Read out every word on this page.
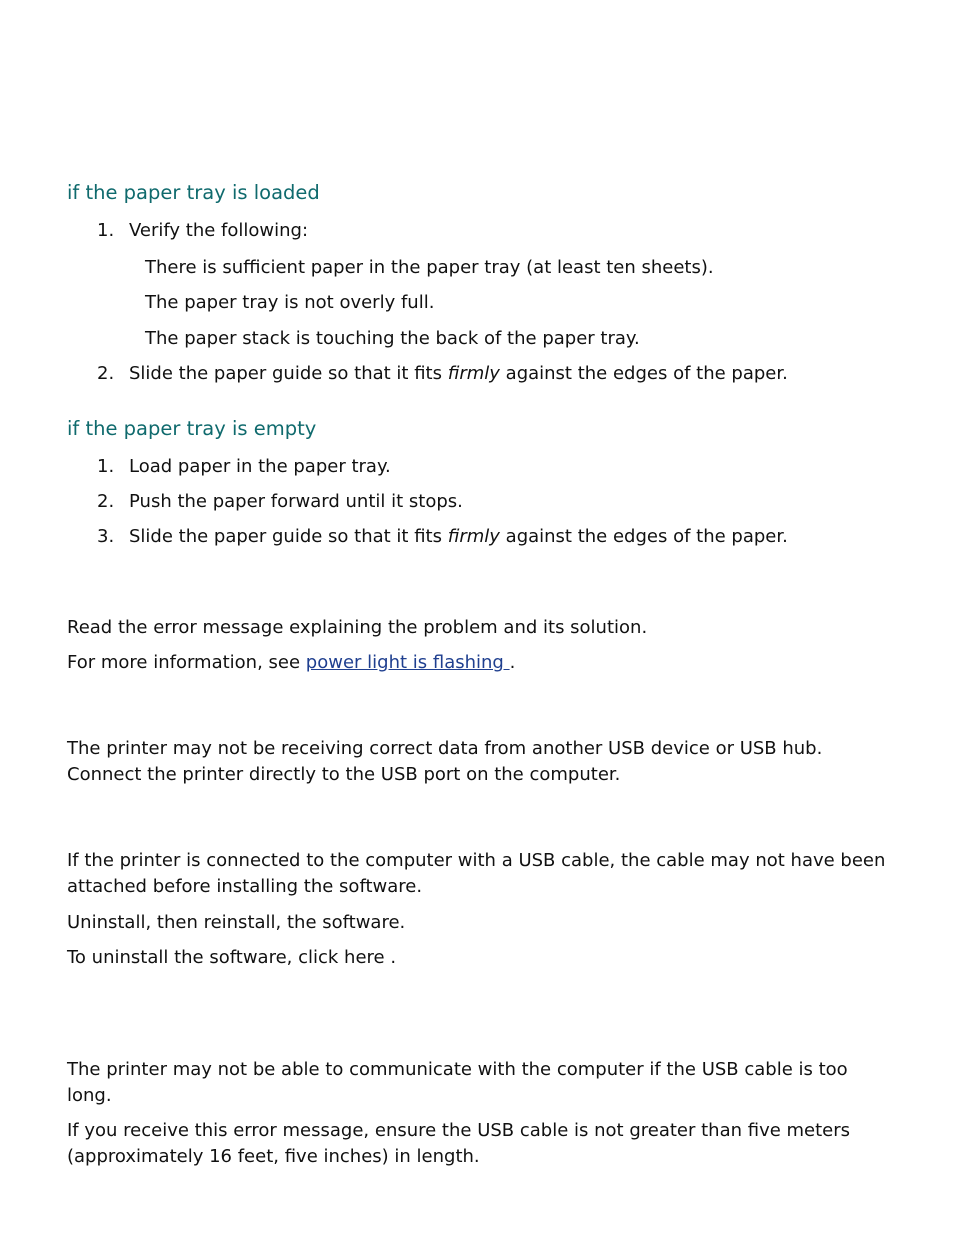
if the paper tray is loaded
1. Verify the following:
There is sufficient paper in the paper tray (at least ten sheets).
The paper tray is not overly full.
The paper stack is touching the back of the paper tray.
2. Slide the paper guide so that it fits firmly against the edges of the paper.
if the paper tray is empty
1. Load paper in the paper tray.
2. Push the paper forward until it stops.
3. Slide the paper guide so that it fits firmly against the edges of the paper.

Read the error message explaining the problem and its solution.

For more information, see power light is flashing .

The printer may not be receiving correct data from another USB device or USB hub. Connect the printer directly to the USB port on the computer.

If the printer is connected to the computer with a USB cable, the cable may not have been attached before installing the software.

Uninstall, then reinstall, the software.

To uninstall the software, click here .

The printer may not be able to communicate with the computer if the USB cable is too long.

If you receive this error message, ensure the USB cable is not greater than five meters (approximately 16 feet, five inches) in length.
